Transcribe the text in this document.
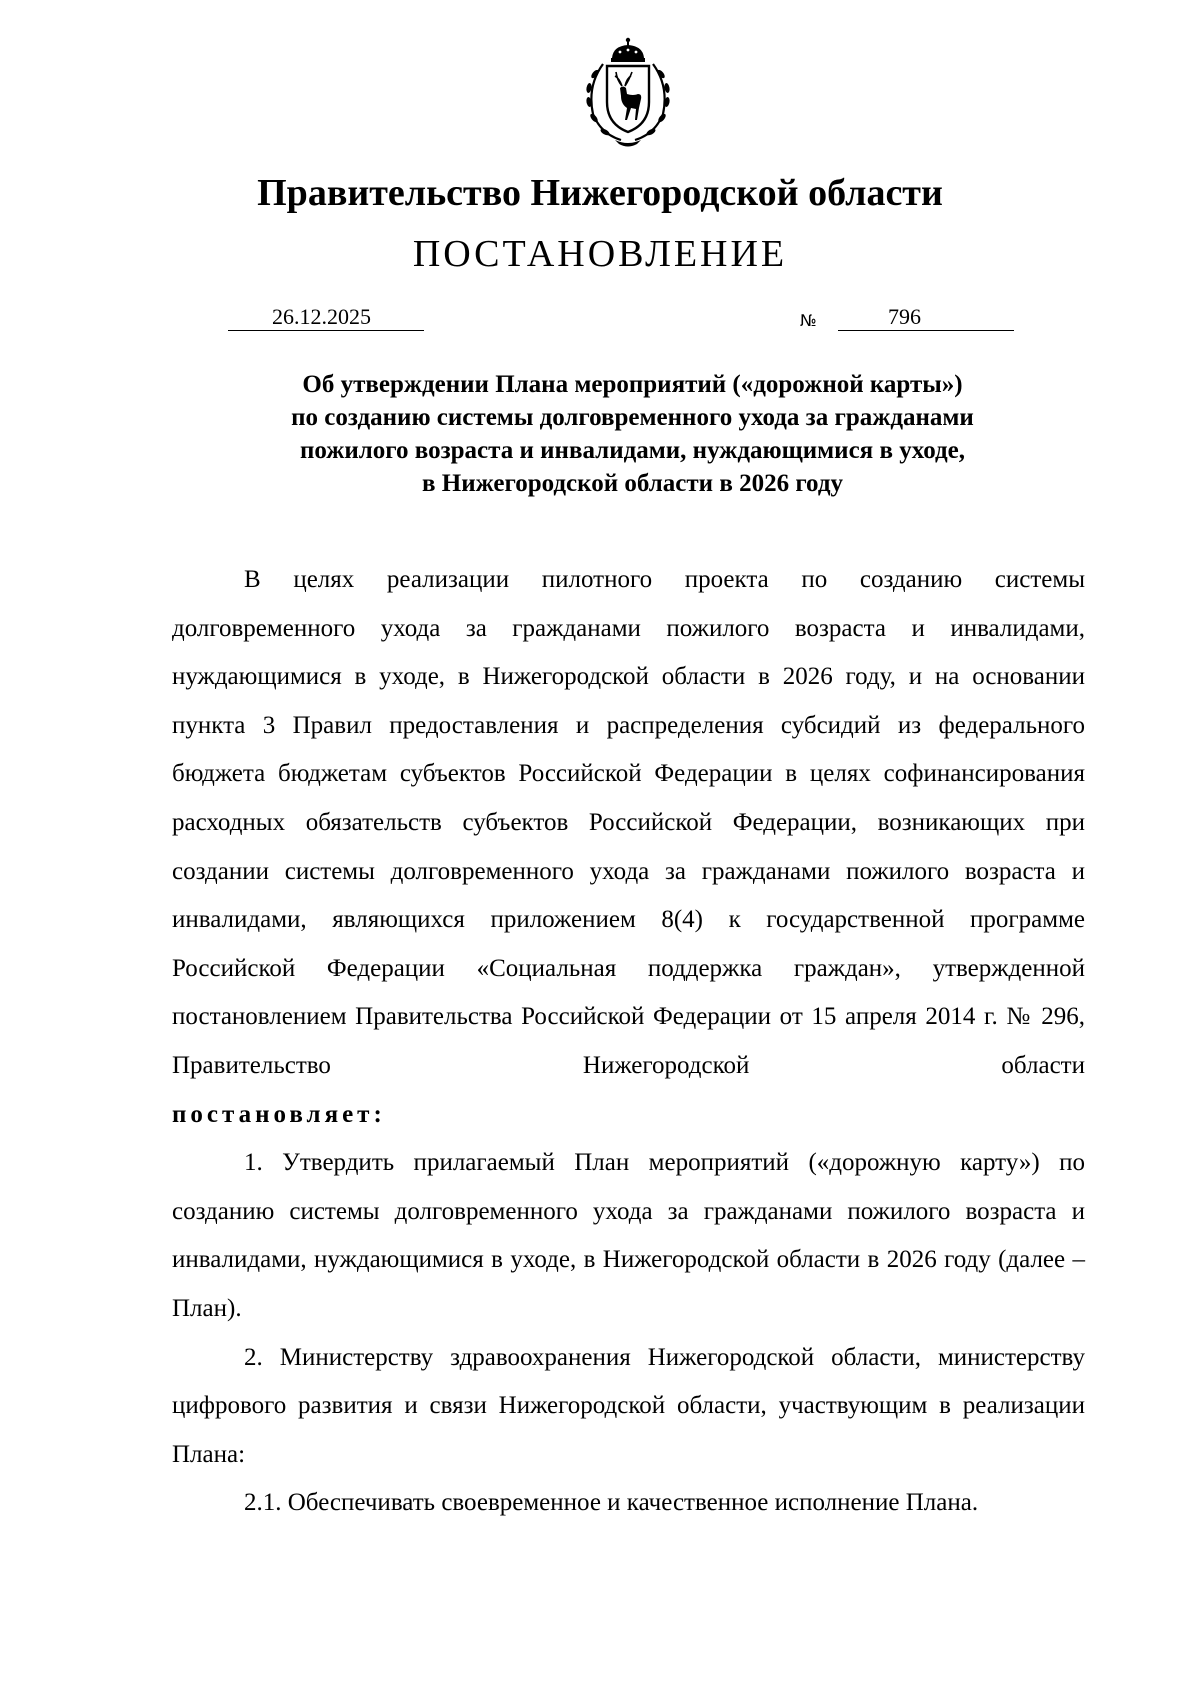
Правительство Нижегородской области
ПОСТАНОВЛЕНИЕ
26.12.2025	№	796
Об утверждении Плана мероприятий («дорожной карты»)
по созданию системы долговременного ухода за гражданами
пожилого возраста и инвалидами, нуждающимися в уходе,
в Нижегородской области в 2026 году

В целях реализации пилотного проекта по созданию системы долговременного ухода за гражданами пожилого возраста и инвалидами, нуждающимися в уходе, в Нижегородской области в 2026 году, и на основании пункта 3 Правил предоставления и распределения субсидий из федерального бюджета бюджетам субъектов Российской Федерации в целях софинансирования расходных обязательств субъектов Российской Федерации, возникающих при создании системы долговременного ухода за гражданами пожилого возраста и инвалидами, являющихся приложением 8(4) к государственной программе Российской Федерации «Социальная поддержка граждан», утвержденной постановлением Правительства Российской Федерации от 15 апреля 2014 г. № 296, Правительство Нижегородской области

постановляет:

1. Утвердить прилагаемый План мероприятий («дорожную карту») по созданию системы долговременного ухода за гражданами пожилого возраста и инвалидами, нуждающимися в уходе, в Нижегородской области в 2026 году (далее – План).

2. Министерству здравоохранения Нижегородской области, министерству цифрового развития и связи Нижегородской области, участвующим в реализации Плана:

2.1. Обеспечивать своевременное и качественное исполнение Плана.
